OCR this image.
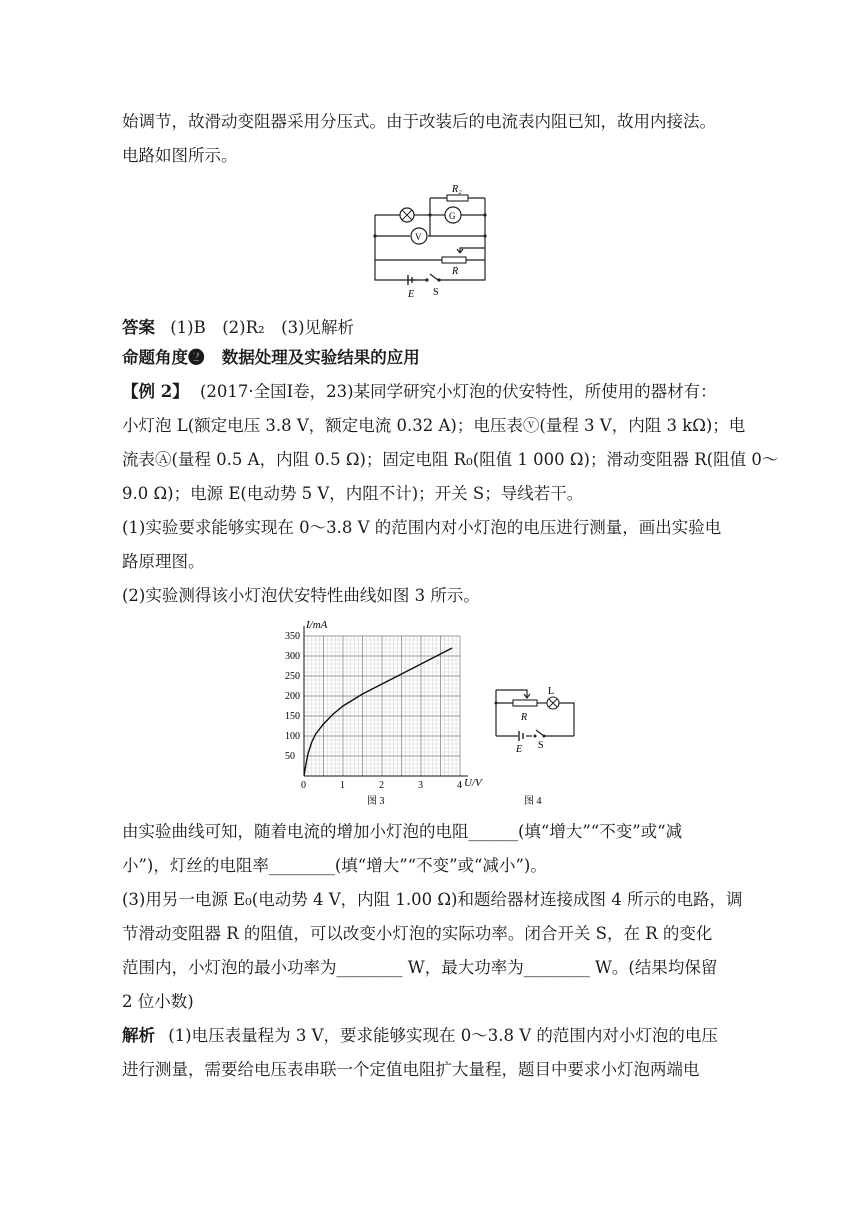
始调节，故滑动变阻器采用分压式。由于改装后的电流表内阻已知，故用内接法。
电路如图所示。
R₂
G
V
R
E S
答案 (1)B　(2)R₂　(3)见解析
命题角度❷ 数据处理及实验结果的应用
【例 2】 (2017·全国Ⅰ卷，23)某同学研究小灯泡的伏安特性，所使用的器材有：
小灯泡 L(额定电压 3.8 V，额定电流 0.32 A)；电压表ⓥ(量程 3 V，内阻 3 kΩ)；电
流表Ⓐ(量程 0.5 A，内阻 0.5 Ω)；固定电阻 R₀(阻值 1 000 Ω)；滑动变阻器 R(阻值 0～
9.0 Ω)；电源 E(电动势 5 V，内阻不计)；开关 S；导线若干。
(1)实验要求能够实现在 0～3.8 V 的范围内对小灯泡的电压进行测量，画出实验电
路原理图。
(2)实验测得该小灯泡伏安特性曲线如图 3 所示。
0	1	2	3	4
50
100
150
200
250
300
350
I/mA
U/V
图 3
L
R
E S
图 4
由实验曲线可知，随着电流的增加小灯泡的电阻______(填“增大”“不变”或“减
小”)，灯丝的电阻率________(填“增大”“不变”或“减小”)。
(3)用另一电源 E₀(电动势 4 V，内阻 1.00 Ω)和题给器材连接成图 4 所示的电路，调
节滑动变阻器 R 的阻值，可以改变小灯泡的实际功率。闭合开关 S，在 R 的变化
范围内，小灯泡的最小功率为________ W，最大功率为________ W。(结果均保留
2 位小数)
解析 (1)电压表量程为 3 V，要求能够实现在 0～3.8 V 的范围内对小灯泡的电压
进行测量，需要给电压表串联一个定值电阻扩大量程，题目中要求小灯泡两端电
